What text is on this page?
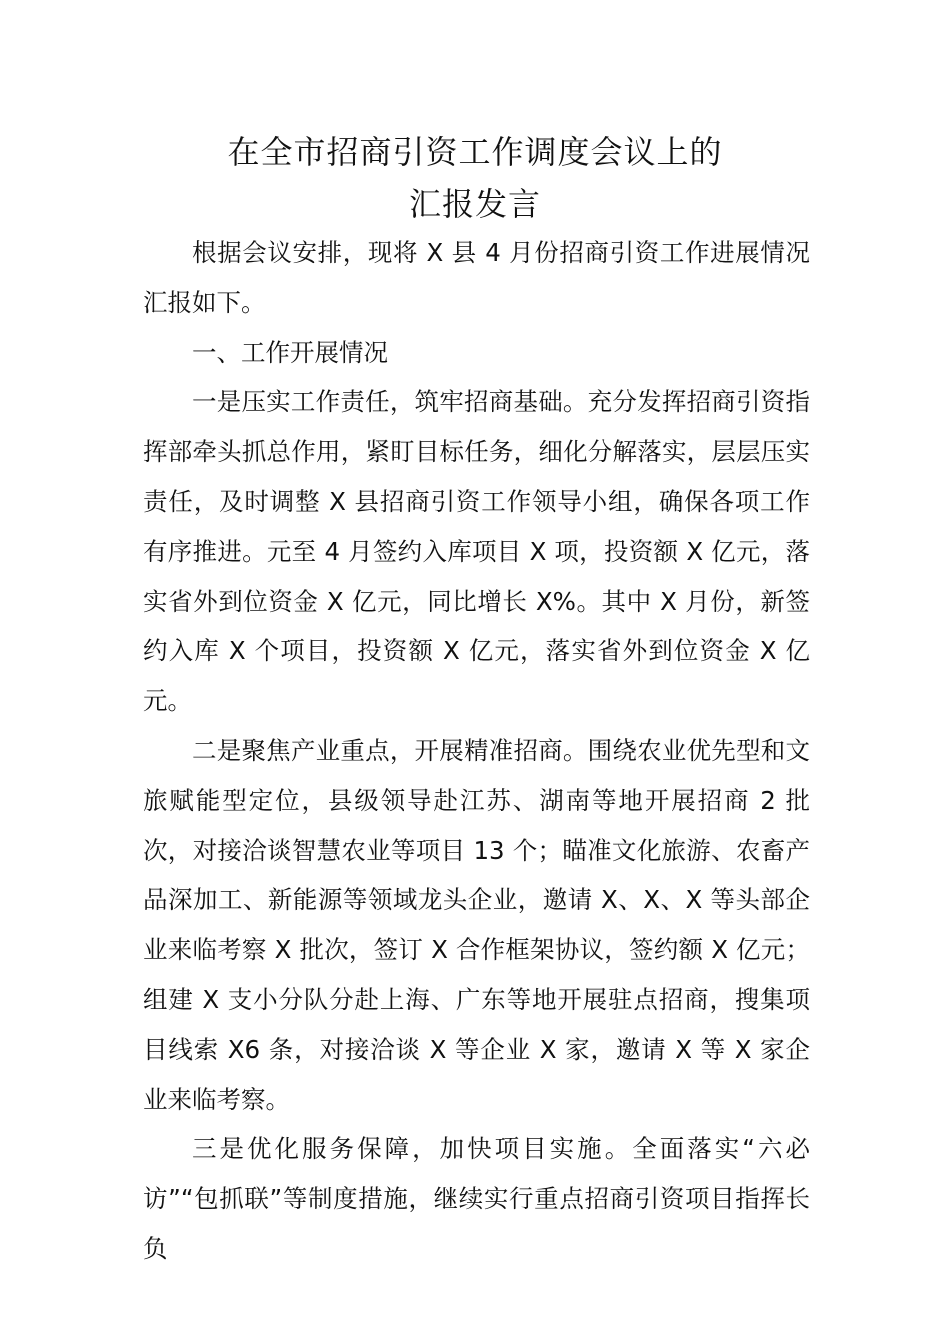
在全市招商引资工作调度会议上的
汇报发言

根据会议安排，现将 X 县 4 月份招商引资工作进展情况汇报如下。

一、工作开展情况

一是压实工作责任，筑牢招商基础。充分发挥招商引资指挥部牵头抓总作用，紧盯目标任务，细化分解落实，层层压实责任，及时调整 X 县招商引资工作领导小组，确保各项工作有序推进。元至 4 月签约入库项目 X 项，投资额 X 亿元，落实省外到位资金 X 亿元，同比增长 X%。其中 X 月份，新签约入库 X 个项目，投资额 X 亿元，落实省外到位资金 X 亿元。

二是聚焦产业重点，开展精准招商。围绕农业优先型和文旅赋能型定位，县级领导赴江苏、湖南等地开展招商 2 批次，对接洽谈智慧农业等项目 13 个；瞄准文化旅游、农畜产品深加工、新能源等领域龙头企业，邀请 X、X、X 等头部企业来临考察 X 批次，签订 X 合作框架协议，签约额 X 亿元；组建 X 支小分队分赴上海、广东等地开展驻点招商，搜集项目线索 X6 条，对接洽谈 X 等企业 X 家，邀请 X 等 X 家企业来临考察。

三是优化服务保障，加快项目实施。全面落实“六必访”“包抓联”等制度措施，继续实行重点招商引资项目指挥长负
